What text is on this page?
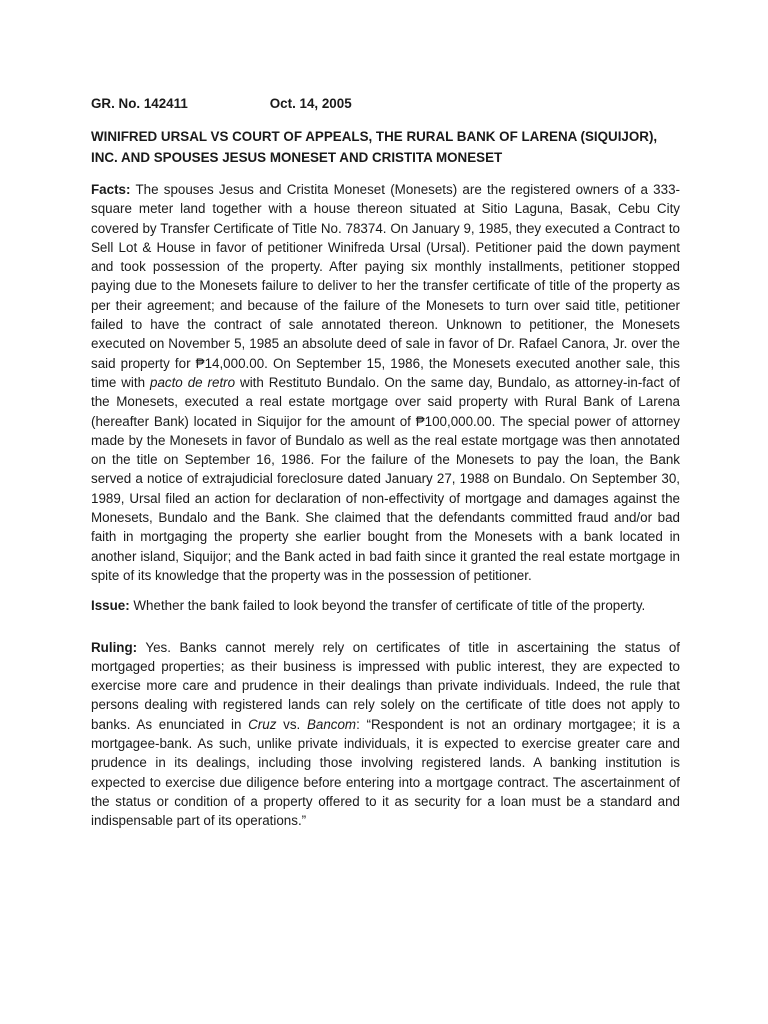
GR. No. 142411	Oct. 14, 2005
WINIFRED URSAL VS COURT OF APPEALS, THE RURAL BANK OF LARENA (SIQUIJOR), INC. AND SPOUSES JESUS MONESET AND CRISTITA MONESET

Facts: The spouses Jesus and Cristita Moneset (Monesets) are the registered owners of a 333-square meter land together with a house thereon situated at Sitio Laguna, Basak, Cebu City covered by Transfer Certificate of Title No. 78374. On January 9, 1985, they executed a Contract to Sell Lot & House in favor of petitioner Winifreda Ursal (Ursal). Petitioner paid the down payment and took possession of the property. After paying six monthly installments, petitioner stopped paying due to the Monesets failure to deliver to her the transfer certificate of title of the property as per their agreement; and because of the failure of the Monesets to turn over said title, petitioner failed to have the contract of sale annotated thereon. Unknown to petitioner, the Monesets executed on November 5, 1985 an absolute deed of sale in favor of Dr. Rafael Canora, Jr. over the said property for ₱14,000.00. On September 15, 1986, the Monesets executed another sale, this time with pacto de retro with Restituto Bundalo. On the same day, Bundalo, as attorney-in-fact of the Monesets, executed a real estate mortgage over said property with Rural Bank of Larena (hereafter Bank) located in Siquijor for the amount of ₱100,000.00. The special power of attorney made by the Monesets in favor of Bundalo as well as the real estate mortgage was then annotated on the title on September 16, 1986. For the failure of the Monesets to pay the loan, the Bank served a notice of extrajudicial foreclosure dated January 27, 1988 on Bundalo. On September 30, 1989, Ursal filed an action for declaration of non-effectivity of mortgage and damages against the Monesets, Bundalo and the Bank. She claimed that the defendants committed fraud and/or bad faith in mortgaging the property she earlier bought from the Monesets with a bank located in another island, Siquijor; and the Bank acted in bad faith since it granted the real estate mortgage in spite of its knowledge that the property was in the possession of petitioner.

Issue: Whether the bank failed to look beyond the transfer of certificate of title of the property.

Ruling: Yes. Banks cannot merely rely on certificates of title in ascertaining the status of mortgaged properties; as their business is impressed with public interest, they are expected to exercise more care and prudence in their dealings than private individuals. Indeed, the rule that persons dealing with registered lands can rely solely on the certificate of title does not apply to banks. As enunciated in Cruz vs. Bancom: “Respondent is not an ordinary mortgagee; it is a mortgagee-bank. As such, unlike private individuals, it is expected to exercise greater care and prudence in its dealings, including those involving registered lands. A banking institution is expected to exercise due diligence before entering into a mortgage contract. The ascertainment of the status or condition of a property offered to it as security for a loan must be a standard and indispensable part of its operations.”
